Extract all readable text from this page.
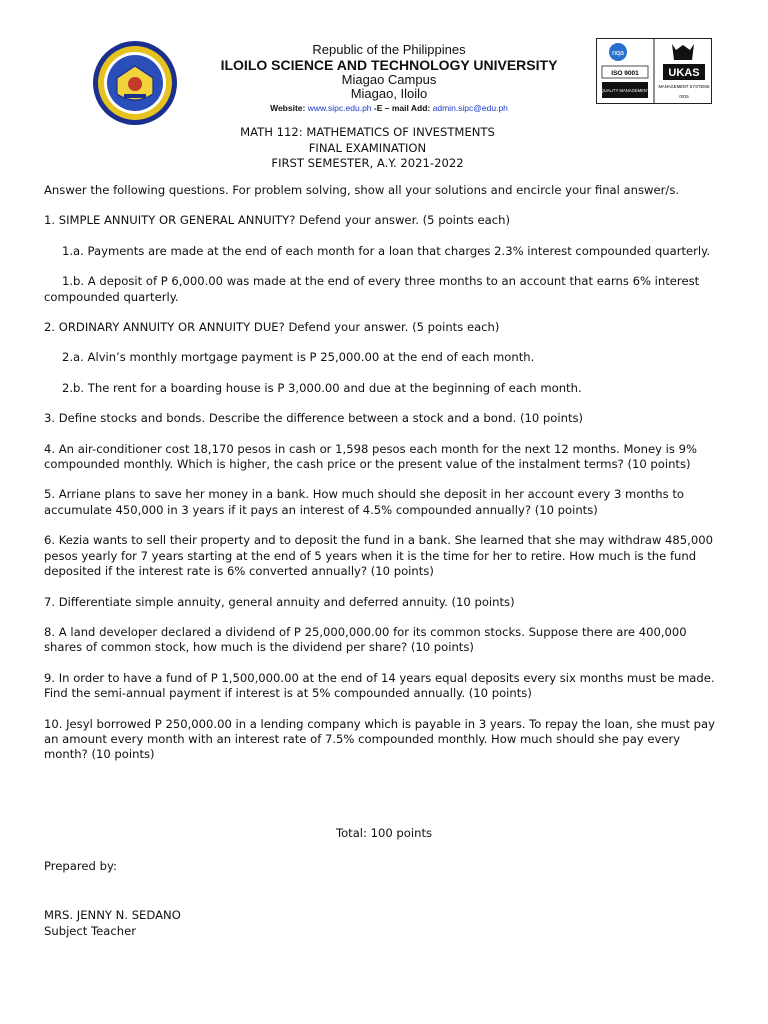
Republic of the Philippines
ILOILO SCIENCE AND TECHNOLOGY UNIVERSITY
Miagao Campus
Miagao, Iloilo
Website: www.sipc.edu.ph -E – mail Add: admin.sipc@edu.ph
nqa
ISO 9001
QUALITY MANAGEMENT
UKAS
MANAGEMENT SYSTEMS
0015
MATH 112: MATHEMATICS OF INVESTMENTS
FINAL EXAMINATION
FIRST SEMESTER, A.Y. 2021-2022

Answer the following questions. For problem solving, show all your solutions and encircle your final answer/s.

1. SIMPLE ANNUITY OR GENERAL ANNUITY? Defend your answer. (5 points each)

1.a. Payments are made at the end of each month for a loan that charges 2.3% interest compounded quarterly.

1.b. A deposit of P 6,000.00 was made at the end of every three months to an account that earns 6% interest compounded quarterly.

2. ORDINARY ANNUITY OR ANNUITY DUE? Defend your answer. (5 points each)

2.a. Alvin’s monthly mortgage payment is P 25,000.00 at the end of each month.

2.b. The rent for a boarding house is P 3,000.00 and due at the beginning of each month.

3. Define stocks and bonds. Describe the difference between a stock and a bond. (10 points)

4. An air-conditioner cost 18,170 pesos in cash or 1,598 pesos each month for the next 12 months. Money is 9% compounded monthly. Which is higher, the cash price or the present value of the instalment terms? (10 points)

5. Arriane plans to save her money in a bank. How much should she deposit in her account every 3 months to accumulate 450,000 in 3 years if it pays an interest of 4.5% compounded annually? (10 points)

6. Kezia wants to sell their property and to deposit the fund in a bank. She learned that she may withdraw 485,000 pesos yearly for 7 years starting at the end of 5 years when it is the time for her to retire. How much is the fund deposited if the interest rate is 6% converted annually? (10 points)

7. Differentiate simple annuity, general annuity and deferred annuity. (10 points)

8. A land developer declared a dividend of P 25,000,000.00 for its common stocks. Suppose there are 400,000 shares of common stock, how much is the dividend per share? (10 points)

9. In order to have a fund of P 1,500,000.00 at the end of 14 years equal deposits every six months must be made. Find the semi-annual payment if interest is at 5% compounded annually. (10 points)

10. Jesyl borrowed P 250,000.00 in a lending company which is payable in 3 years. To repay the loan, she must pay an amount every month with an interest rate of 7.5% compounded monthly. How much should she pay every month? (10 points)

Total: 100 points
Prepared by:
MRS. JENNY N. SEDANO
Subject Teacher
